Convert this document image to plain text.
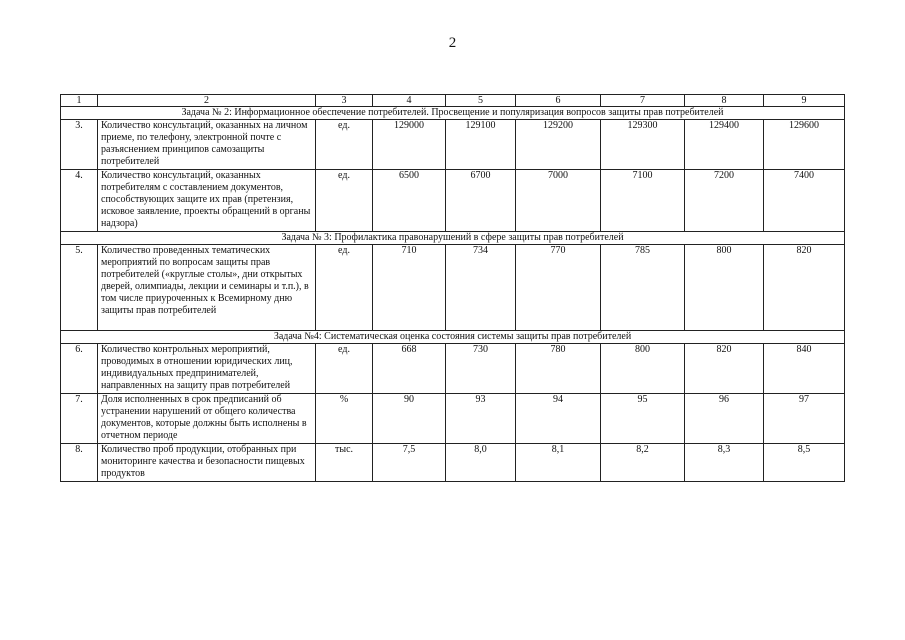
2
1	2	3	4	5	6	7	8	9
Задача № 2: Информационное обеспечение потребителей. Просвещение и популяризация вопросов защиты прав потребителей								
3.	Количество консультаций, оказанных на личном приеме, по телефону, электронной почте с разъяснением принципов самозащиты потребителей	ед.	129000	129100	129200	129300	129400	129600
4.	Количество консультаций, оказанных потребителям с составлением документов, способствующих защите их прав (претензия, исковое заявление, проекты обращений в органы надзора)	ед.	6500	6700	7000	7100	7200	7400
Задача № 3: Профилактика правонарушений в сфере защиты прав потребителей								
5.	Количество проведенных тематических мероприятий по вопросам защиты прав потребителей («круглые столы», дни открытых дверей, олимпиады, лекции и семинары и т.п.), в том числе приуроченных к Всемирному дню защиты прав потребителей	ед.	710	734	770	785	800	820
Задача №4: Систематическая оценка состояния системы защиты прав потребителей								
6.	Количество контрольных мероприятий, проводимых в отношении юридических лиц, индивидуальных предпринимателей, направленных на защиту прав потребителей	ед.	668	730	780	800	820	840
7.	Доля исполненных в срок предписаний об устранении нарушений от общего количества документов, которые должны быть исполнены в отчетном периоде	%	90	93	94	95	96	97
8.	Количество проб продукции, отобранных при мониторинге качества и безопасности пищевых продуктов	тыс.	7,5	8,0	8,1	8,2	8,3	8,5
